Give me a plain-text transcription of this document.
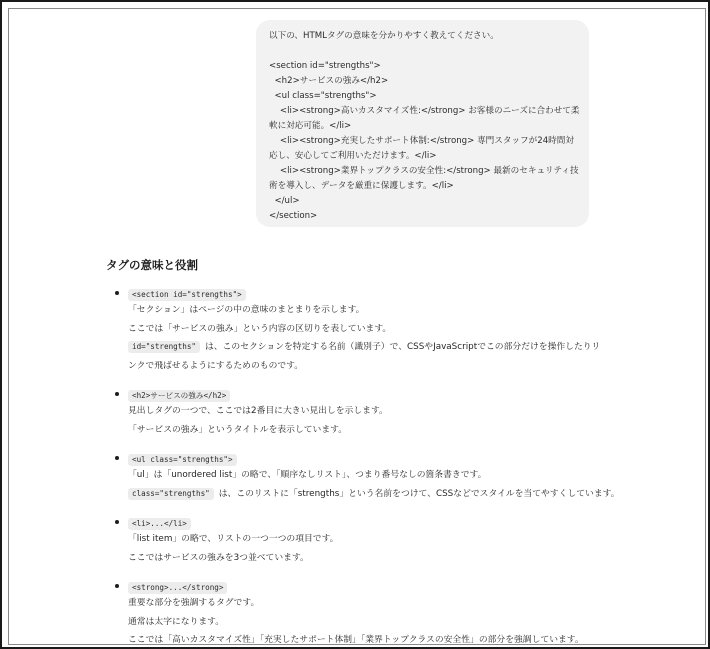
以下の、HTMLタグの意味を分かりやすく教えてください。
<section id="strengths">
<h2>サービスの強み</h2>
<ul class="strengths">
<li><strong>高いカスタマイズ性:</strong> お客様のニーズに合わせて柔
軟に対応可能。</li>
<li><strong>充実したサポート体制:</strong> 専門スタッフが24時間対
応し、安心してご利用いただけます。</li>
<li><strong>業界トップクラスの安全性:</strong> 最新のセキュリティ技
術を導入し、データを厳重に保護します。</li>
</ul>
</section>
タグの意味と役割
<section id="strengths">
「セクション」はページの中の意味のまとまりを示します。
ここでは「サービスの強み」という内容の区切りを表しています。
id="strengths" は、このセクションを特定する名前（識別子）で、CSSやJavaScriptでこの部分だけを操作したりリ
ンクで飛ばせるようにするためのものです。
<h2>サービスの強み</h2>
見出しタグの一つで、ここでは2番目に大きい見出しを示します。
「サービスの強み」というタイトルを表示しています。
<ul class="strengths">
「ul」は「unordered list」の略で、「順序なしリスト」、つまり番号なしの箇条書きです。
class="strengths" は、このリストに「strengths」という名前をつけて、CSSなどでスタイルを当てやすくしています。
<li>...</li>
「list item」の略で、リストの一つ一つの項目です。
ここではサービスの強みを3つ並べています。
<strong>...</strong>
重要な部分を強調するタグです。
通常は太字になります。
ここでは「高いカスタマイズ性」「充実したサポート体制」「業界トップクラスの安全性」の部分を強調しています。
